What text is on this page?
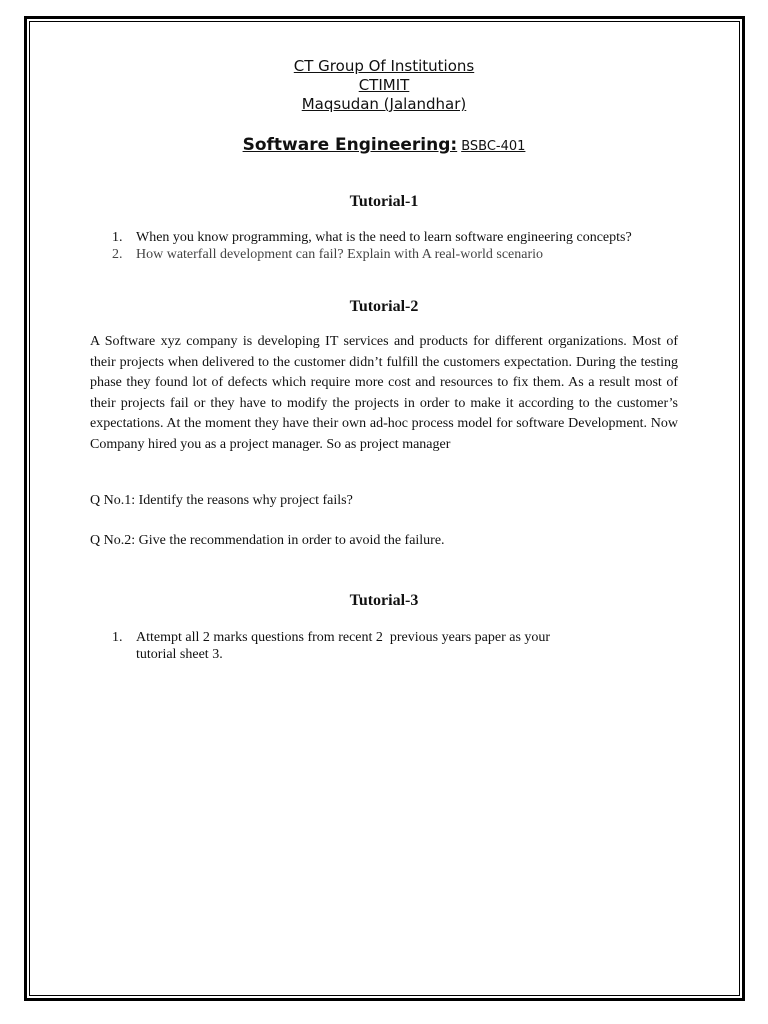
CT Group Of Institutions
CTIMIT
Maqsudan (Jalandhar)
Software Engineering: BSBC-401
Tutorial-1
1. When you know programming, what is the need to learn software engineering concepts?
2. How waterfall development can fail? Explain with A real-world scenario
Tutorial-2
A Software xyz company is developing IT services and products for different organizations. Most of their projects when delivered to the customer didn’t fulfill the customers expectation. During the testing phase they found lot of defects which require more cost and resources to fix them. As a result most of their projects fail or they have to modify the projects in order to make it according to the customer’s expectations. At the moment they have their own ad-hoc process model for software Development. Now Company hired you as a project manager. So as project manager
Q No.1: Identify the reasons why project fails?
Q No.2: Give the recommendation in order to avoid the failure.
Tutorial-3
1. Attempt all 2 marks questions from recent 2  previous years paper as your
tutorial sheet 3.
